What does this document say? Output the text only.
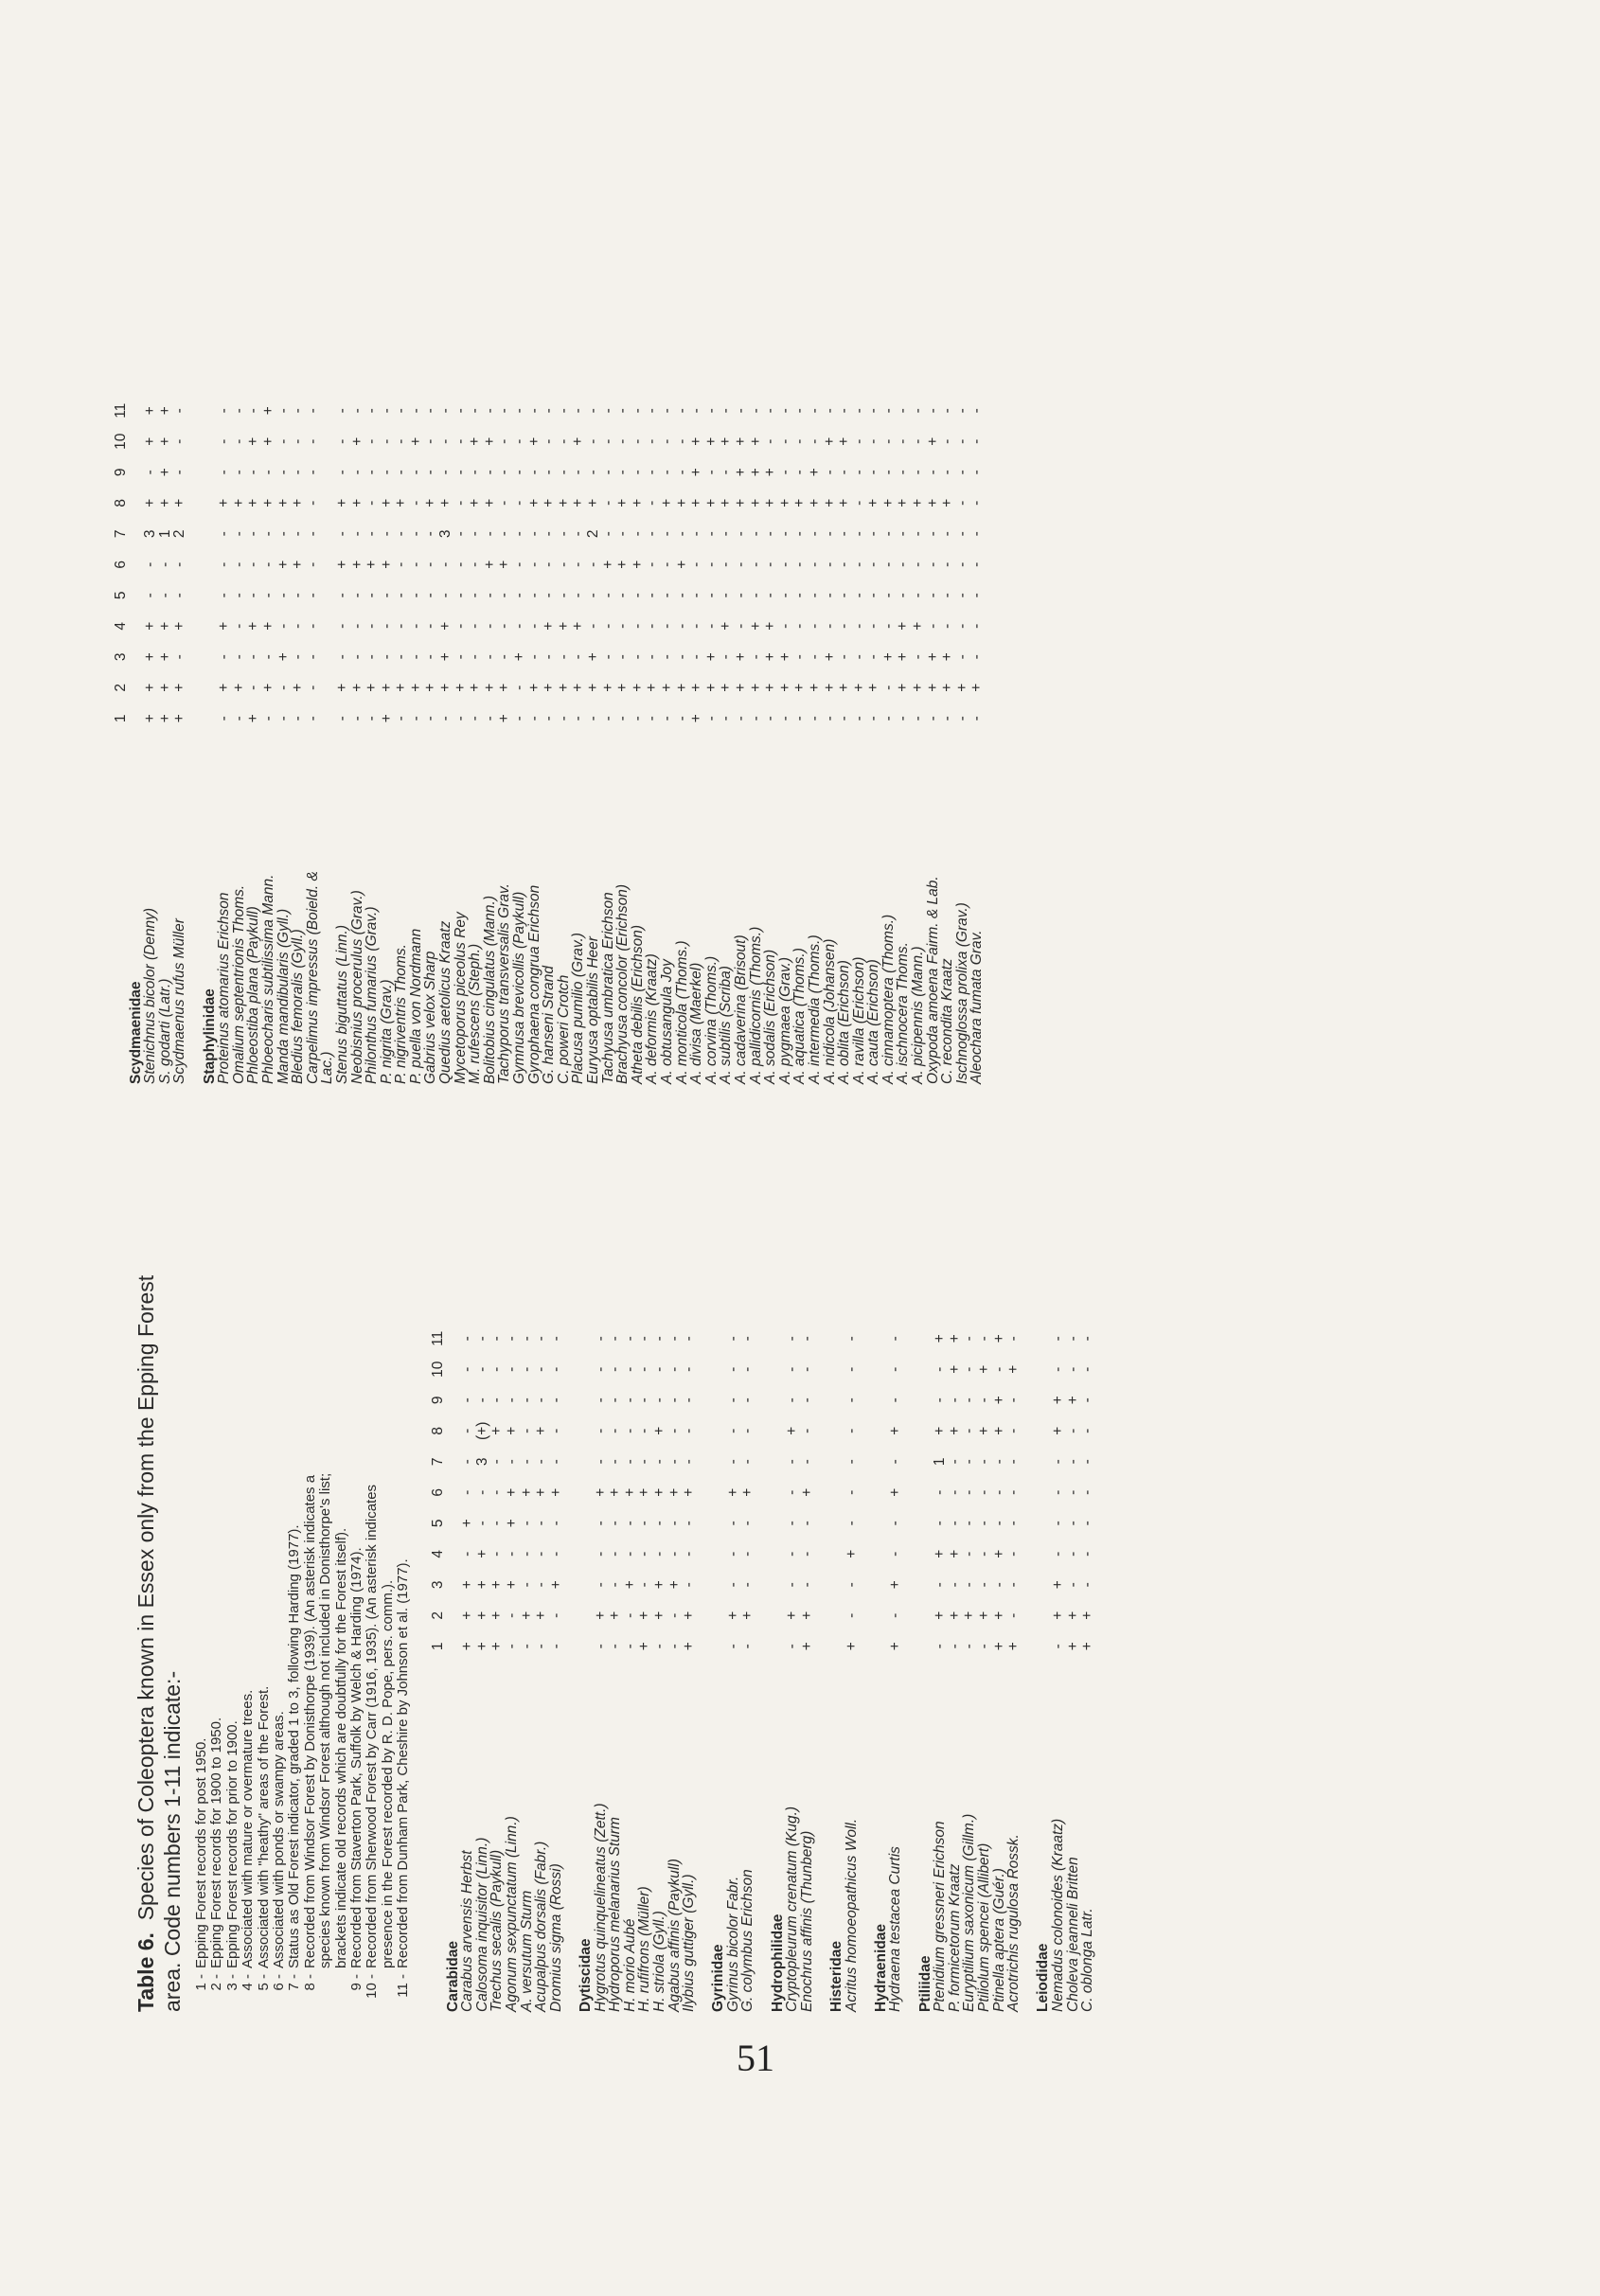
Table 6.  Species of Coleoptera known in Essex only from the Epping Forest area. Code numbers 1-11 indicate:- 1 -
Epping Forest records for post 1950.
2 -
Epping Forest records for 1900 to 1950.
3 -
Epping Forest records for prior to 1900.
4 -
Associated with mature or overmature trees.
5 -
Associated with "heathy" areas of the Forest.
6 -
Associated with ponds or swampy areas.
7 -
Status as Old Forest indicator, graded 1 to 3, following Harding (1977).
8 -
Recorded from Windsor Forest by Donisthorpe (1939). (An asterisk indicates a species known from Windsor Forest although not included in Donisthorpe's list; brackets indicate old records which are doubtfully for the Forest itself).
9 -
Recorded from Staverton Park, Suffolk by Welch & Harding (1974).
10 -
Recorded from Sherwood Forest by Carr (1916, 1935). (An asterisk indicates presence in the Forest recorded by R. D. Pope, pers. comm.).
11 -
Recorded from Dunham Park, Cheshire by Johnson et al. (1977). 1
2
3
4
5
6
7
8
9
10
11
Carabidae
Carabus arvensis Herbst
+
+
+
-
+
-
-
-
-
-
-
Calosoma inquisitor (Linn.)
+
+
+
+
-
-
3
(+)
-
-
-
Trechus secalis (Paykull)
+
+
+
-
-
-
-
+
-
-
-
Agonum sexpunctatum (Linn.)
-
-
+
-
+
+
-
+
-
-
-
A. versutum Sturm
-
+
-
-
-
+
-
-
-
-
-
Acupalpus dorsalis (Fabr.)
-
+
-
-
-
+
-
+
-
-
-
Dromius sigma (Rossi)
-
-
+
-
-
+
-
-
-
-
-
Dytiscidae
Hygrotus quinquelineatus (Zett.)
-
+
-
-
-
+
-
-
-
-
-
Hydroporus melanarius Sturm
-
+
-
-
-
+
-
-
-
-
-
H. morio Aubé
-
-
+
-
-
+
-
-
-
-
-
H. rufifrons (Müller)
+
+
-
-
-
+
-
-
-
-
-
H. striola (Gyll.)
-
+
+
-
-
+
-
+
-
-
-
Agabus affinis (Paykull)
-
-
+
-
-
+
-
-
-
-
-
Ilybius guttiger (Gyll.)
+
+
-
-
-
+
-
-
-
-
-
Gyrinidae
Gyrinus bicolor Fabr.
-
+
-
-
-
+
-
-
-
-
-
G. colymbus Erichson
-
+
-
-
-
+
-
-
-
-
-
Hydrophilidae
Cryptopleurum crenatum (Kug.)
-
+
-
-
-
-
-
+
-
-
-
Enochrus affinis (Thunberg)
+
+
-
-
-
+
-
-
-
-
-
Histeridae
Acritus homoeopathicus Woll.
+
-
-
+
-
-
-
-
-
-
-
Hydraenidae
Hydraena testacea Curtis
+
-
+
-
-
+
-
+
-
-
-
Ptiliidae
Ptenidium gressneri Erichson
-
+
-
+
-
-
1
+
-
-
+
P. formicetorum Kraatz
-
+
-
+
-
-
-
+
-
+
+
Euryptilium saxonicum (Gillm.)
-
+
-
-
-
-
-
-
-
-
-
Ptiliolum spencei (Allibert)
-
+
-
-
-
-
-
+
-
+
-
Ptinella aptera (Guér.)
+
+
-
+
-
-
-
+
+
-
+
Acrotrichis rugulosa Rossk.
+
-
-
-
-
-
-
-
-
+
-
Leiodidae
Nemadus colonoides (Kraatz)
-
+
+
-
-
-
-
+
+
-
-
Choleva jeanneli Britten
+
+
-
-
-
-
-
-
+
-
-
C. oblonga Latr.
+
+
-
-
-
-
-
-
-
-
-
1
2
3
4
5
6
7
8
9
10
11
Scydmaenidae
Stenichnus bicolor (Denny)
+
+
+
+
-
-
3
+
-
+
+
S. godarti (Latr.)
+
+
+
+
-
-
1
+
+
+
+
Scydmaenus rufus Müller
+
+
-
+
-
-
2
+
-
-
-
Staphylinidae
Proteinus atomarius Erichson
-
+
-
+
-
-
-
+
-
-
-
Omalium septentrionis Thoms.
-
+
-
-
-
-
-
+
-
-
-
Phloeostiba plana (Paykull)
+
-
-
+
-
-
-
+
-
+
-
Phloeocharis subtilissima Mann.
-
+
-
+
-
-
-
+
-
+
+
Manda mandibularis (Gyll.)
-
-
+
-
-
+
-
+
-
-
-
Bledius femoralis (Gyll.)
-
+
-
-
-
+
-
+
-
-
-
Carpelimus impressus (Boield. &
-
-
-
-
-
-
-
-
-
-
-
Lac.)
Stenus biguttatus (Linn.)
-
+
-
-
-
+
-
+
-
-
-
Neobisnius procerulus (Grav.)
-
+
-
-
-
+
-
+
-
+
-
Philonthus fumarius (Grav.)
-
+
-
-
-
+
-
-
-
-
-
P. nigrita (Grav.)
+
+
-
-
-
+
-
+
-
-
-
P. nigriventris Thoms.
-
+
-
-
-
-
-
+
-
-
-
P. puella von Nordmann
-
+
-
-
-
-
-
-
-
+
-
Gabrius velox Sharp
-
+
-
-
-
-
-
+
-
-
-
Quedius aetolicus Kraatz
-
+
+
+
-
-
3
+
-
-
-
Mycetoporus piceolus Rey
-
+
-
-
-
-
-
-
-
-
-
M. rufescens (Steph.)
-
+
-
-
-
-
-
+
-
+
-
Bolitobius cingulatus (Mann.)
-
+
-
-
-
+
-
+
-
+
-
Tachyporus transversalis Grav.
+
+
-
-
-
+
-
-
-
-
-
Gymnusa brevicollis (Paykull)
-
-
+
-
-
-
-
-
-
-
-
Gyrophaena congrua Erichson
-
+
-
-
-
-
-
+
-
+
-
G. hanseni Strand
-
+
-
+
-
-
-
+
-
-
-
C. poweri Crotch
-
+
-
+
-
-
-
+
-
-
-
Placusa pumilio (Grav.)
-
+
-
+
-
-
-
+
-
+
-
Euryusa optabilis Heer
-
+
+
-
-
-
2
+
-
-
-
Tachyusa umbratica Erichson
-
+
-
-
-
+
-
-
-
-
-
Brachyusa concolor (Erichson)
-
+
-
-
-
+
-
+
-
-
-
Atheta debilis (Erichson)
-
+
-
-
-
+
-
+
-
-
-
A. deformis (Kraatz)
-
+
-
-
-
-
-
-
-
-
-
A. obtusangula Joy
-
+
-
-
-
-
-
+
-
-
-
A. monticola (Thoms.)
-
+
-
-
-
+
-
+
-
-
-
A. divisa (Maerkel)
+
+
-
-
-
-
-
+
+
+
-
A. corvina (Thoms.)
-
+
+
-
-
-
-
+
-
+
-
A. subtilis (Scriba)
-
+
-
+
-
-
-
+
-
+
-
A. cadaverina (Brisout)
-
+
+
-
-
-
-
+
+
+
-
A. pallidicornis (Thoms.)
-
+
-
+
-
-
-
+
+
+
-
A. sodalis (Erichson)
-
+
+
+
-
-
-
+
+
-
-
A. pygmaea (Grav.)
-
+
+
-
-
-
-
+
-
-
-
A. aquatica (Thoms.)
-
+
-
-
-
-
-
+
-
-
-
A. intermedia (Thoms.)
-
+
-
-
-
-
-
+
+
-
-
A. nidicola (Johansen)
-
+
+
-
-
-
-
+
-
+
-
A. oblita (Erichson)
-
+
-
-
-
-
-
+
-
+
-
A. ravilla (Erichson)
-
+
-
-
-
-
-
-
-
-
-
A. cauta (Erichson)
-
+
-
-
-
-
-
+
-
-
-
A. cinnamoptera (Thoms.)
-
-
+
-
-
-
-
+
-
-
-
A. ischnocera Thoms.
-
+
+
+
-
-
-
+
-
-
-
A. picipennis (Mann.)
-
+
-
+
-
-
-
+
-
-
-
Oxypoda amoena Fairm. & Lab.
-
+
+
-
-
-
-
+
-
+
-
C. recondita Kraatz
-
+
+
-
-
-
-
+
-
-
-
Ischnoglossa prolixa (Grav.)
-
+
-
-
-
-
-
-
-
-
-
Aleochara fumata Grav.
-
+
-
-
-
-
-
-
-
-
-
51
